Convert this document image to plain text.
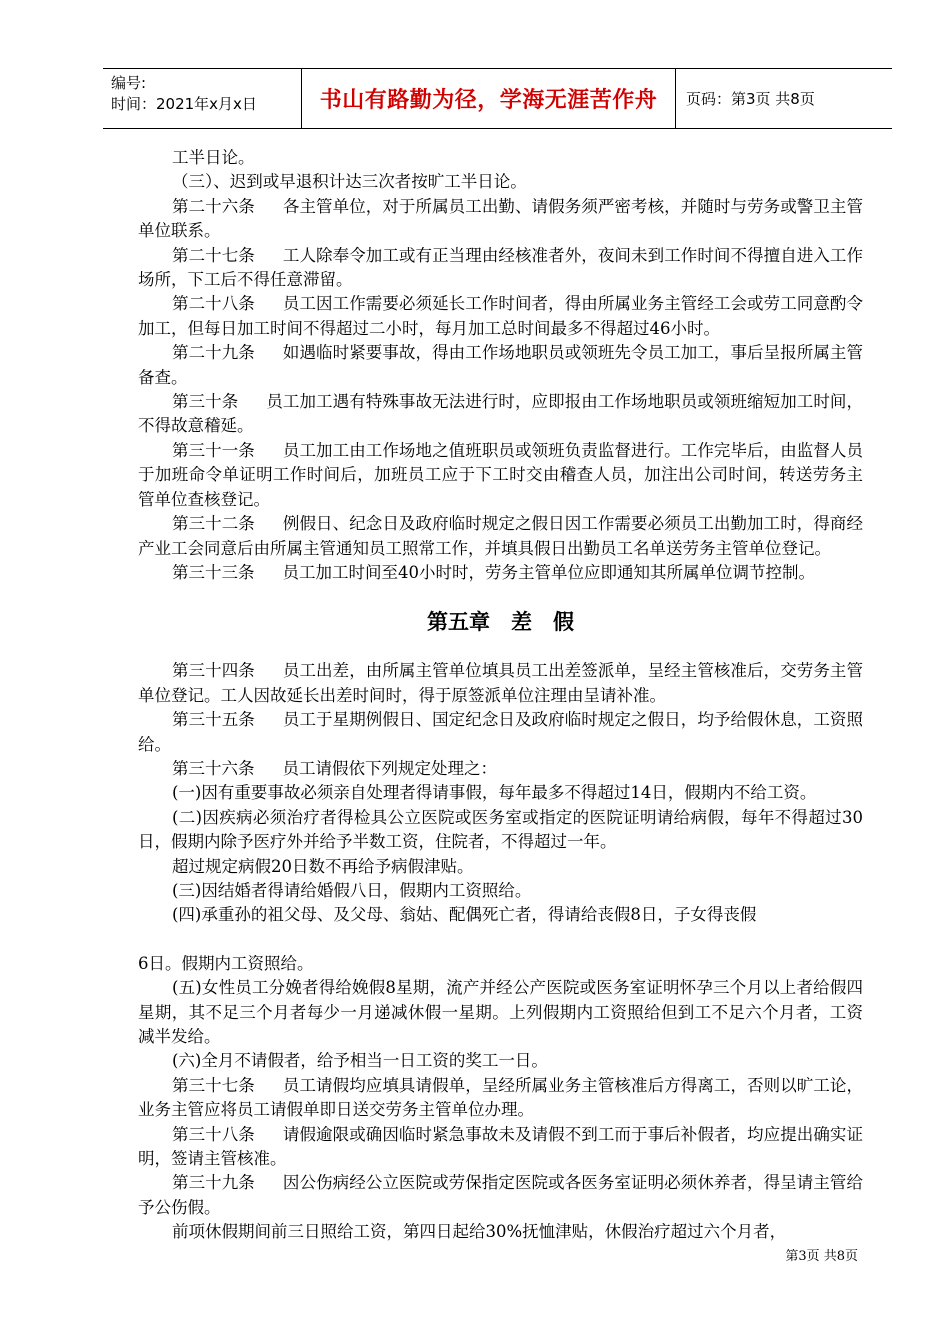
编号:
时间：2021年x月x日	书山有路勤为径，学海无涯苦作舟	页码：第3页 共8页

工半日论。

（三）、迟到或早退积计达三次者按旷工半日论。

第二十六条 各主管单位，对于所属员工出勤、请假务须严密考核，并随时与劳务或警卫主管单位联系。

第二十七条 工人除奉令加工或有正当理由经核准者外，夜间未到工作时间不得擅自进入工作场所，下工后不得任意滞留。

第二十八条 员工因工作需要必须延长工作时间者，得由所属业务主管经工会或劳工同意酌令加工，但每日加工时间不得超过二小时，每月加工总时间最多不得超过46小时。

第二十九条 如遇临时紧要事故，得由工作场地职员或领班先令员工加工，事后呈报所属主管备查。

第三十条 员工加工遇有特殊事故无法进行时，应即报由工作场地职员或领班缩短加工时间，不得故意稽延。

第三十一条 员工加工由工作场地之值班职员或领班负责监督进行。工作完毕后，由监督人员于加班命令单证明工作时间后，加班员工应于下工时交由稽查人员，加注出公司时间，转送劳务主管单位查核登记。

第三十二条 例假日、纪念日及政府临时规定之假日因工作需要必须员工出勤加工时，得商经产业工会同意后由所属主管通知员工照常工作，并填具假日出勤员工名单送劳务主管单位登记。

第三十三条 员工加工时间至40小时时，劳务主管单位应即通知其所属单位调节控制。

第五章　差　假

第三十四条 员工出差，由所属主管单位填具员工出差签派单，呈经主管核准后，交劳务主管单位登记。工人因故延长出差时间时，得于原签派单位注理由呈请补准。

第三十五条 员工于星期例假日、国定纪念日及政府临时规定之假日，均予给假休息，工资照给。

第三十六条 员工请假依下列规定处理之：

(一)因有重要事故必须亲自处理者得请事假，每年最多不得超过14日，假期内不给工资。

(二)因疾病必须治疗者得检具公立医院或医务室或指定的医院证明请给病假，每年不得超过30日，假期内除予医疗外并给予半数工资，住院者，不得超过一年。

超过规定病假20日数不再给予病假津贴。

(三)因结婚者得请给婚假八日，假期内工资照给。

(四)承重孙的祖父母、及父母、翁姑、配偶死亡者，得请给丧假8日，子女得丧假

6日。假期内工资照给。

(五)女性员工分娩者得给娩假8星期，流产并经公产医院或医务室证明怀孕三个月以上者给假四星期，其不足三个月者每少一月递减休假一星期。上列假期内工资照给但到工不足六个月者，工资减半发给。

(六)全月不请假者，给予相当一日工资的奖工一日。

第三十七条 员工请假均应填具请假单，呈经所属业务主管核准后方得离工，否则以旷工论，业务主管应将员工请假单即日送交劳务主管单位办理。

第三十八条 请假逾限或确因临时紧急事故未及请假不到工而于事后补假者，均应提出确实证明，签请主管核准。

第三十九条 因公伤病经公立医院或劳保指定医院或各医务室证明必须休养者，得呈请主管给予公伤假。

前项休假期间前三日照给工资，第四日起给30%抚恤津贴，休假治疗超过六个月者，

第3页 共8页
